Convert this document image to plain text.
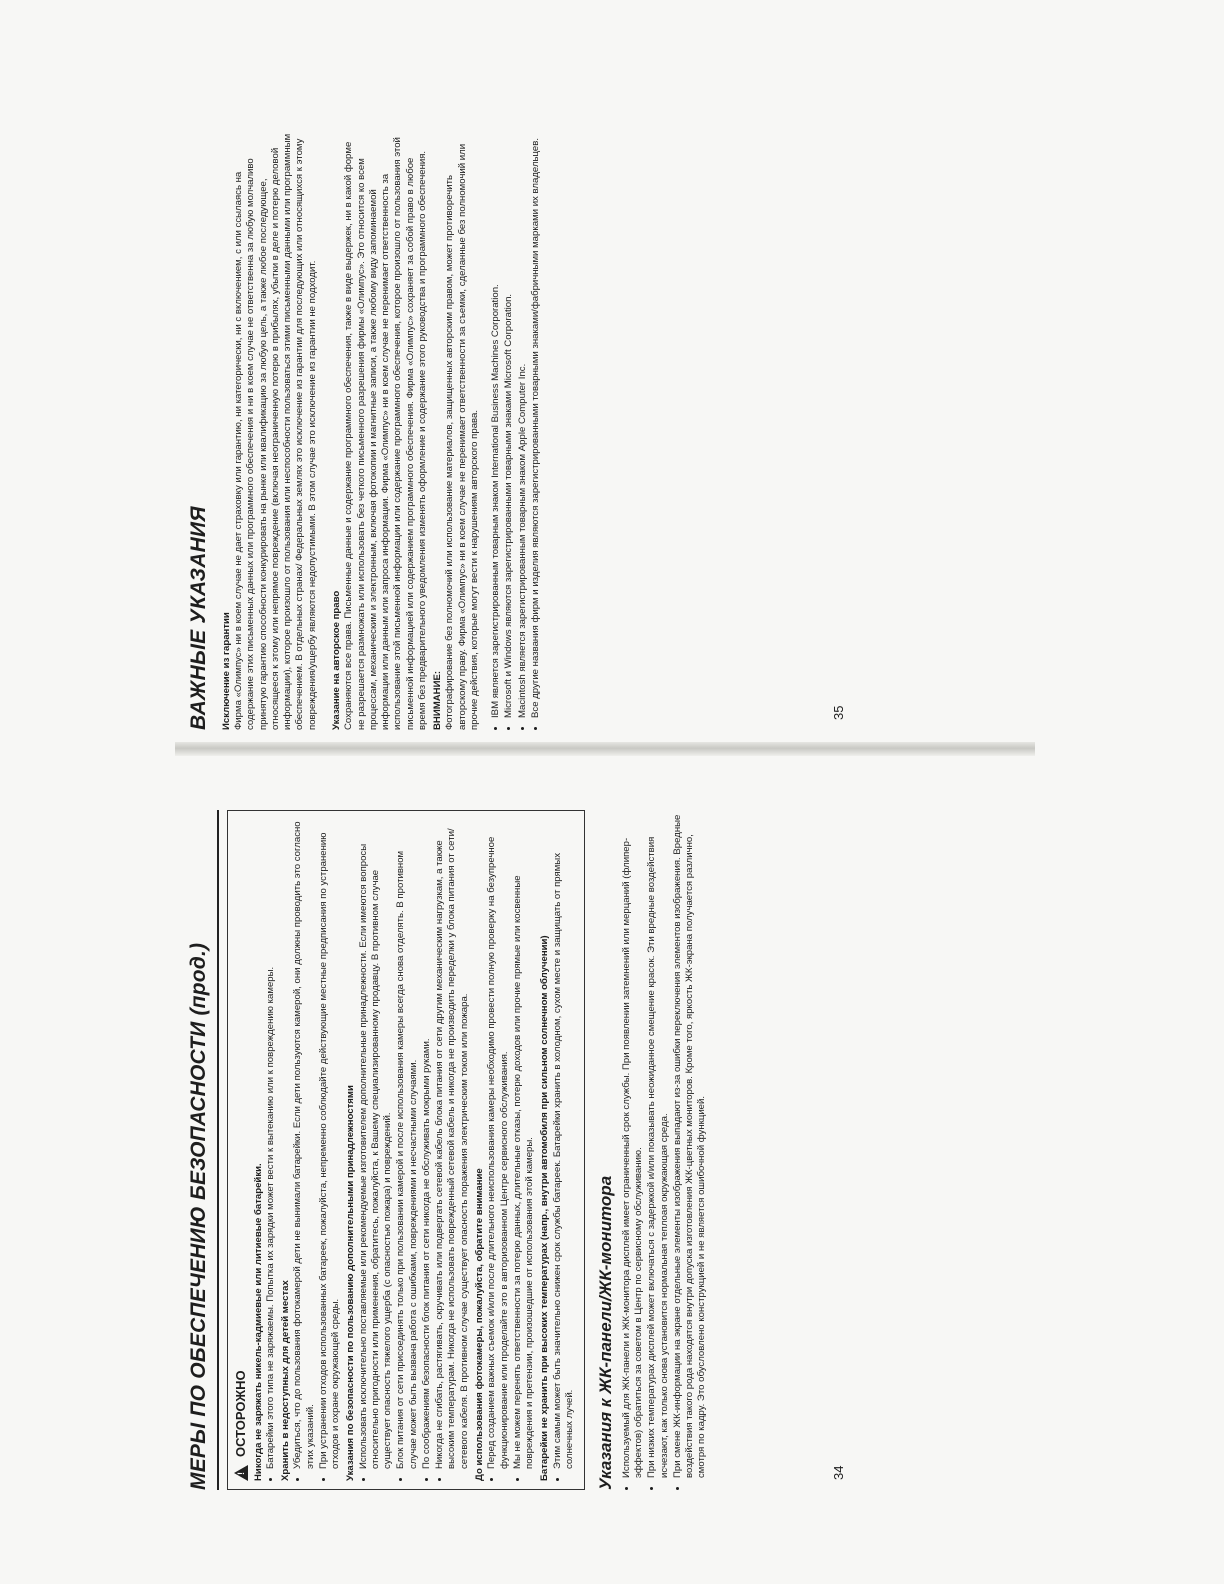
МЕРЫ ПО ОБЕСПЕЧЕНИЮ БЕЗОПАСНОСТИ (прод.)
! ОСТОРОЖНО Никогда не заряжать никель-кадмиевые или литиевые батарейки. • Батарейки этого типа не заряжаемы. Попытка их зарядки может вести к вытеканию или к повреждению камеры. Хранить в недоступных для детей местах • Убедиться, что до пользования фотокамерой дети не вынимали батарейки. Если дети пользуются камерой, они должны проводить это согласно этих указаний. • При устранении отходов использованных батареек, пожалуйста, непременно соблюдайте действующие местные предписания по устранению отходов и охране окружающей среды. Указания по безопасности по пользованию дополнительными принадлежностями • Использовать исключительно поставляемые или рекомендуемые изготовителем дополнительные принадлежности. Если имеются вопросы относительно пригодности или применения, обратитесь, пожалуйста, к Вашему специализированному продавцу. В противном случае существует опасность тяжелого ущерба (с опасностью пожара) и повреждений. • Блок питания от сети присоединять только при пользовании камерой и после использования камеры всегда снова отделять. В противном случае может быть вызвана работа с ошибками, повреждениями и несчастными случаями. • По соображениям безопасности блок питания от сети никогда не обслуживать мокрыми руками. • Никогда не сгибать, растягивать, скручивать или подвергать сетевой кабель блока питания от сети другим механическим нагрузкам, а также высоким температурам. Никогда не использовать поврежденный сетевой кабель и никогда не производить переделки у блока питания от сети/сетевого кабеля. В противном случае существует опасность поражения электрическим током или пожара. До использования фотокамеры, пожалуйста, обратите внимание • Перед созданием важных съемок и/или после длительного неиспользования камеры необходимо провести полную проверку на безупречное функционирование или проделайте это в авторизованном Центре сервисного обслуживания. • Мы не можем перенять ответственности за потерю данных, длительные отказы, потерю доходов или прочие прямые или косвенные повреждения и претензии, произошедшие от использования этой камеры. Батарейки не хранить при высоких температурах (напр., внутри автомобиля при сильном солнечном облучении) • Этим самым может быть значительно снижен срок службы батареек. Батарейки хранить в холодном, сухом месте и защищать от прямых солнечных лучей. Указания к ЖК-панели/ЖК-монитора • Используемый для ЖК-панели и ЖК-монитора дисплей имеет ограниченный срок службы. При появлении затемнений или мерцаний (флипер-эффектов) обратиться за советом в Центр по сервисному обслуживанию. • При низких температурах дисплей может включаться с задержкой и/или показывать неожиданное смещение красок. Эти вредные воздействия исчезают, как только снова установится нормальная теплоая окружающая среда. • При смене ЖК-информации на экране отдельные элементы изображения выпадают из-за ошибки переключения элементов изображения. Вредные воздействия такого рода находятся внутри допуска изготовления ЖК-цветных мониторов. Кроме того, яркость ЖК-экрана получается различно, смотря по кадру. Это обусловлено конструкцией и не является ошибочной функцией.	34
ВАЖНЫЕ УКАЗАНИЯ Исключение из гарантии Фирма «Олимпус» ни в коем случае не дает страховку или гарантию, ни категорически, ни с включением, с или ссылаясь на содержание этих письменных данных или программного обеспечения и ни в коем случае не ответственна за любую молчаливо принятую гарантию способности конкурировать на рынке или квалификацию за любую цель, а также любое последующее, относящееся к этому или непрямое повреждение (включая неограниченную потерю в прибылях, убытки в деле и потерю деловой информации), которое произошло от пользования или неспособности пользоваться этими письменными данными или программным обеспечением. В отдельных странах/ Федеральных землях это исключение из гарантии для последующих или относящихся к этому повреждения/ущербу являются недопустимыми. В этом случае это исключение из гарантии не подходит. Указание на авторское право Сохраняются все права. Письменные данные и содержание программного обеспечения, также в виде выдержек, ни в какой форме не разрешается размножать или использовать без четкого письменного разрешения фирмы «Олимпус». Это относится ко всем процессам, механическим и электронным, включая фотокопии и магнитные записи, а также любому виду запоминаемой информации или данным или запроса информации. Фирма «Олимпус» ни в коем случае не перенимает ответственность за использование этой письменной информации или содержание программного обеспечения, которое произошло от пользования этой письменной информацией или содержанием программного обеспечения. Фирма «Олимпус» сохраняет за собой право в любое время без предварительного уведомления изменять оформление и содержание этого руководства и программного обеспечения. ВНИМАНИЕ: Фотографирование без полномочий или использование материалов, защищенных авторским правом, может противоречить авторскому праву. Фирма «Олимпус» ни в коем случае не перенимает ответственности за съемки, сделанные без полномочий или прочие действия, которые могут вести к нарушениям авторского права. • IBM является зарегистрированным товарным знаком International Business Machines Corporation. • Microsoft и Windows являются зарегистрированными товарными знаками Microsoft Corporation. • Macintosh является зарегистрированным товарным знаком Apple Computer Inc. • Все другие названия фирм и изделия являются зарегистрированными товарными знаками/фабричными марками их владельцев.	35
